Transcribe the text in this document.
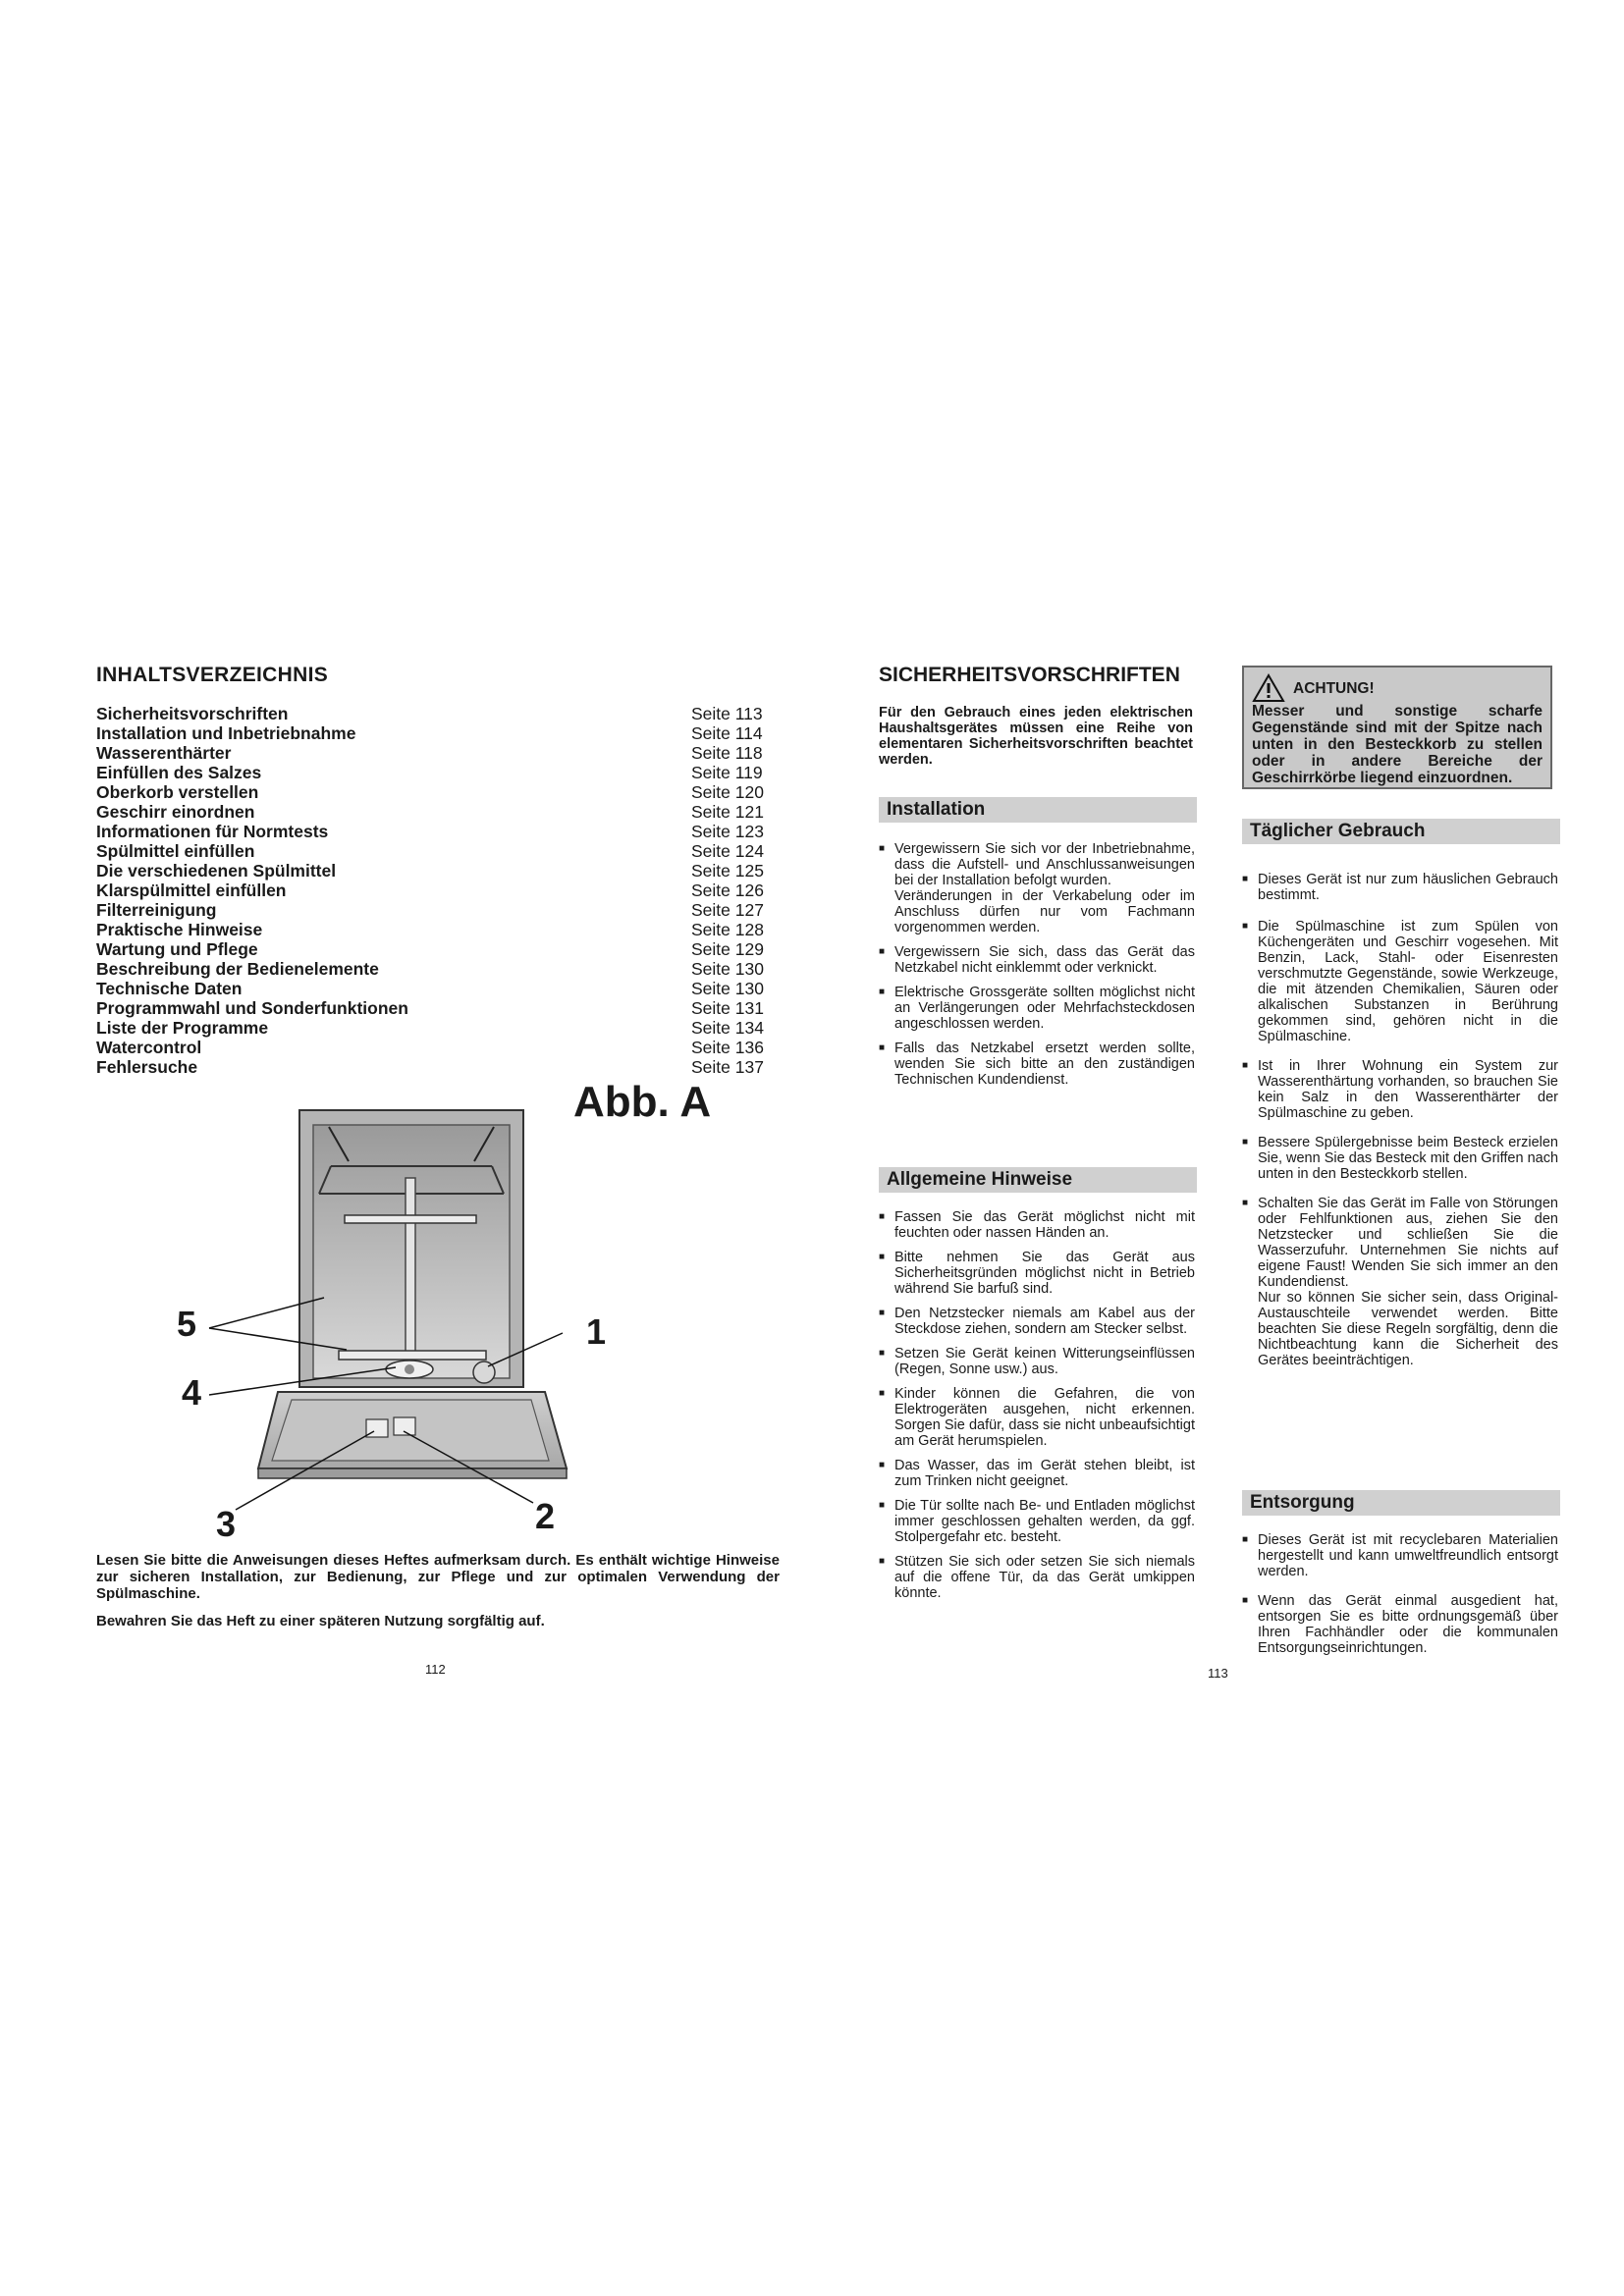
INHALTSVERZEICHNIS
Sicherheitsvorschriften	Seite 113
Installation und Inbetriebnahme	Seite 114
Wasserenthärter	Seite 118
Einfüllen des Salzes	Seite 119
Oberkorb verstellen	Seite 120
Geschirr einordnen	Seite 121
Informationen für Normtests	Seite 123
Spülmittel einfüllen	Seite 124
Die verschiedenen Spülmittel	Seite 125
Klarspülmittel einfüllen	Seite 126
Filterreinigung	Seite 127
Praktische Hinweise	Seite 128
Wartung und Pflege	Seite 129
Beschreibung der Bedienelemente	Seite 130
Technische Daten	Seite 130
Programmwahl und Sonderfunktionen	Seite 131
Liste der Programme	Seite 134
Watercontrol	Seite 136
Fehlersuche	Seite 137
Abb. A
5	1
4
3	2
Lesen Sie bitte die Anweisungen dieses Heftes aufmerksam durch. Es enthält wichtige Hinweise zur sicheren Installation, zur Bedienung, zur Pflege und zur optimalen Verwendung der Spülmaschine.
Bewahren Sie das Heft zu einer späteren Nutzung sorgfältig auf.
112
SICHERHEITSVORSCHRIFTEN
Für den Gebrauch eines jeden elektrischen Haushaltsgerätes müssen eine Reihe von elementaren Sicherheitsvorschriften beachtet werden.
ACHTUNG!
Messer und sonstige scharfe Gegenstände sind mit der Spitze nach unten in den Besteckkorb zu stellen oder in andere Bereiche der Geschirrkörbe liegend einzuordnen.
Installation

■ Vergewissern Sie sich vor der Inbetriebnahme, dass die Aufstell- und Anschlussanweisungen bei der Installation befolgt wurden.

Veränderungen in der Verkabelung oder im Anschluss dürfen nur vom Fachmann vorgenommen werden.

■ Vergewissern Sie sich, dass das Gerät das Netzkabel nicht einklemmt oder verknickt.

■ Elektrische Grossgeräte sollten möglichst nicht an Verlängerungen oder Mehrfachsteckdosen angeschlossen werden.

■ Falls das Netzkabel ersetzt werden sollte, wenden Sie sich bitte an den zuständigen Technischen Kundendienst.

Allgemeine Hinweise

■ Fassen Sie das Gerät möglichst nicht mit feuchten oder nassen Händen an.

■ Bitte nehmen Sie das Gerät aus Sicherheitsgründen möglichst nicht in Betrieb während Sie barfuß sind.

■ Den Netzstecker niemals am Kabel aus der Steckdose ziehen, sondern am Stecker selbst.

■ Setzen Sie Gerät keinen Witterungseinflüssen (Regen, Sonne usw.) aus.

■ Kinder können die Gefahren, die von Elektrogeräten ausgehen, nicht erkennen. Sorgen Sie dafür, dass sie nicht unbeaufsichtigt am Gerät herumspielen.

■ Das Wasser, das im Gerät stehen bleibt, ist zum Trinken nicht geeignet.

■ Die Tür sollte nach Be- und Entladen möglichst immer geschlossen gehalten werden, da ggf. Stolpergefahr etc. besteht.

■ Stützen Sie sich oder setzen Sie sich niemals auf die offene Tür, da das Gerät umkippen könnte.

Täglicher Gebrauch

■ Dieses Gerät ist nur zum häuslichen Gebrauch bestimmt.

■ Die Spülmaschine ist zum Spülen von Küchengeräten und Geschirr vogesehen. Mit Benzin, Lack, Stahl- oder Eisenresten verschmutzte Gegenstände, sowie Werkzeuge, die mit ätzenden Chemikalien, Säuren oder alkalischen Substanzen in Berührung gekommen sind, gehören nicht in die Spülmaschine.

■ Ist in Ihrer Wohnung ein System zur Wasserenthärtung vorhanden, so brauchen Sie kein Salz in den Wasserenthärter der Spülmaschine zu geben.

■ Bessere Spülergebnisse beim Besteck erzielen Sie, wenn Sie das Besteck mit den Griffen nach unten in den Besteckkorb stellen.

■ Schalten Sie das Gerät im Falle von Störungen oder Fehlfunktionen aus, ziehen Sie den Netzstecker und schließen Sie die Wasserzufuhr. Unternehmen Sie nichts auf eigene Faust! Wenden Sie sich immer an den Kundendienst.

Nur so können Sie sicher sein, dass Original-Austauschteile verwendet werden. Bitte beachten Sie diese Regeln sorgfältig, denn die Nichtbeachtung kann die Sicherheit des Gerätes beeinträchtigen.

Entsorgung

■ Dieses Gerät ist mit recyclebaren Materialien hergestellt und kann umweltfreundlich entsorgt werden.

■ Wenn das Gerät einmal ausgedient hat, entsorgen Sie es bitte ordnungsgemäß über Ihren Fachhändler oder die kommunalen Entsorgungseinrichtungen.

113
